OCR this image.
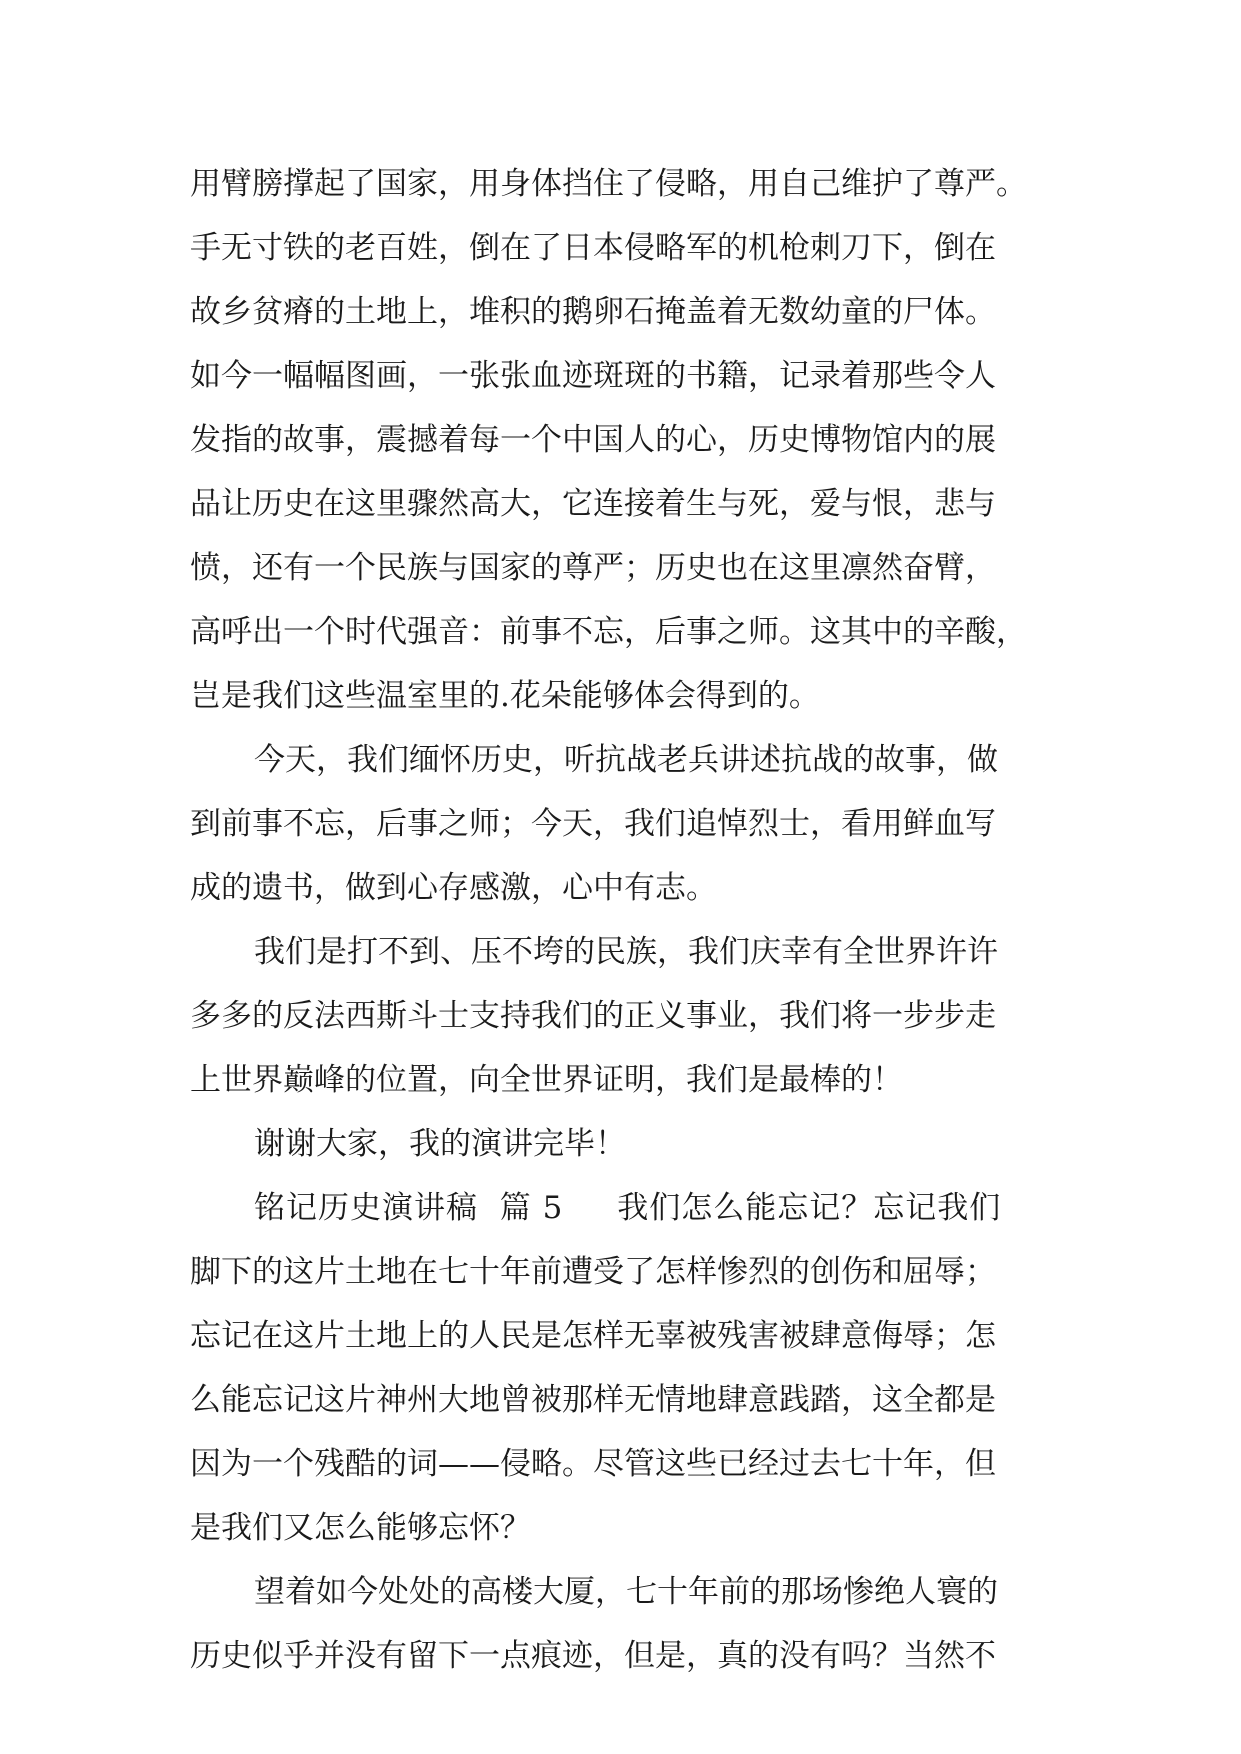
用臂膀撑起了国家，用身体挡住了侵略，用自己维护了尊严。
手无寸铁的老百姓，倒在了日本侵略军的机枪刺刀下，倒在
故乡贫瘠的土地上，堆积的鹅卵石掩盖着无数幼童的尸体。
如今一幅幅图画，一张张血迹斑斑的书籍，记录着那些令人
发指的故事，震撼着每一个中国人的心，历史博物馆内的展
品让历史在这里骤然高大，它连接着生与死，爱与恨，悲与
愤，还有一个民族与国家的尊严；历史也在这里凛然奋臂，
高呼出一个时代强音：前事不忘，后事之师。这其中的辛酸，
岂是我们这些温室里的.花朵能够体会得到的。
今天，我们缅怀历史，听抗战老兵讲述抗战的故事，做
到前事不忘，后事之师；今天，我们追悼烈士，看用鲜血写
成的遗书，做到心存感激，心中有志。
我们是打不到、压不垮的民族，我们庆幸有全世界许许
多多的反法西斯斗士支持我们的正义事业，我们将一步步走
上世界巅峰的位置，向全世界证明，我们是最棒的！
谢谢大家，我的演讲完毕！
铭记历史演讲稿 篇 5 我们怎么能忘记？忘记我们
脚下的这片土地在七十年前遭受了怎样惨烈的创伤和屈辱；
忘记在这片土地上的人民是怎样无辜被残害被肆意侮辱；怎
么能忘记这片神州大地曾被那样无情地肆意践踏，这全都是
因为一个残酷的词——侵略。尽管这些已经过去七十年，但
是我们又怎么能够忘怀？
望着如今处处的高楼大厦，七十年前的那场惨绝人寰的
历史似乎并没有留下一点痕迹，但是，真的没有吗？当然不
